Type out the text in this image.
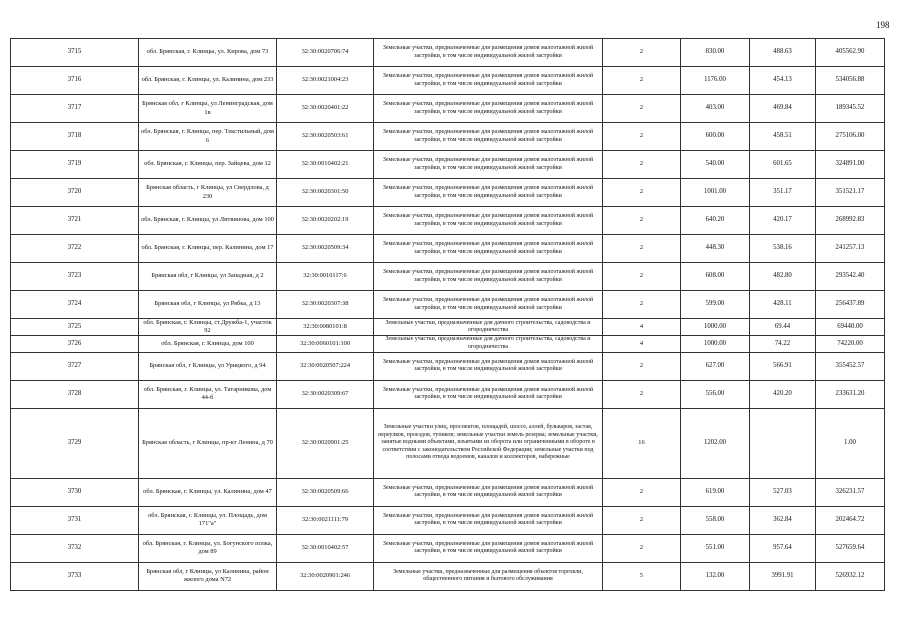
198
3715	обл. Брянская, г. Клинцы, ул. Кирова, дом 73	32:30:0020706:74	Земельные участки, предназначенные для размещения домов малоэтажной жилой застройки, в том числе индивидуальной жилой застройки	2	830.00	488.63	405562.90
3716	обл. Брянская, г. Клинцы, ул. Калинина, дом 233	32:30:0021004:23	Земельные участки, предназначенные для размещения домов малоэтажной жилой застройки, в том числе индивидуальной жилой застройки	2	1176.00	454.13	534056.88
3717	Брянская обл, г Клинцы, ул Ленинградская, дом 1в	32:30:0020401:22	Земельные участки, предназначенные для размещения домов малоэтажной жилой застройки, в том числе индивидуальной жилой застройки	2	403.00	469.84	189345.52
3718	обл. Брянская, г. Клинцы, пер. Текстильный, дом 6	32:30:0020503:61	Земельные участки, предназначенные для размещения домов малоэтажной жилой застройки, в том числе индивидуальной жилой застройки	2	600.00	458.51	275106.00
3719	обл. Брянская, г. Клинцы, пер. Зайцева, дом 12	32:30:0010402:21	Земельные участки, предназначенные для размещения домов малоэтажной жилой застройки, в том числе индивидуальной жилой застройки	2	540.00	601.65	324891.00
3720	Брянская область, г Клинцы, ул Свердлова, д 230	32:30:0020301:50	Земельные участки, предназначенные для размещения домов малоэтажной жилой застройки, в том числе индивидуальной жилой застройки	2	1001.00	351.17	351521.17
3721	обл. Брянская, г. Клинцы, ул Литвинова, дом 100	32:30:0020202:19	Земельные участки, предназначенные для размещения домов малоэтажной жилой застройки, в том числе индивидуальной жилой застройки	2	640.20	420.17	268992.83
3722	обл. Брянская, г. Клинцы, пер. Калинина, дом 17	32:30:0020509:34	Земельные участки, предназначенные для размещения домов малоэтажной жилой застройки, в том числе индивидуальной жилой застройки	2	448.30	538.16	241257.13
3723	Брянская обл, г Клинцы, ул Западная, д 2	32:30:0010117:6	Земельные участки, предназначенные для размещения домов малоэтажной жилой застройки, в том числе индивидуальной жилой застройки	2	608.00	482.80	293542.40
3724	Брянская обл, г Клинцы, ул Рябка, д 13	32:30:0020307:38	Земельные участки, предназначенные для размещения домов малоэтажной жилой застройки, в том числе индивидуальной жилой застройки	2	599.00	428.11	256437.89
3725	обл. Брянская, г. Клинцы, ст.Дружба-1, участок 92	32:30:0080101:8	Земельные участки, предназначенные для дачного строительства, садоводства и огородничества	4	1000.00	69.44	69440.00
3726	обл. Брянская, г. Клинцы, дом 100	32:30:0060101:100	Земельные участки, предназначенные для дачного строительства, садоводства и огородничества	4	1000.00	74.22	74220.00
3727	Брянская обл, г Клинцы, ул Урицкого, д 94	32:30:0020507:224	Земельные участки, предназначенные для размещения домов малоэтажной жилой застройки, в том числе индивидуальной жилой застройки	2	627.00	566.91	355452.57
3728	обл. Брянская, г. Клинцы, ул. Татарникова, дом 44-б	32:30:0020309:67	Земельные участки, предназначенные для размещения домов малоэтажной жилой застройки, в том числе индивидуальной жилой застройки	2	556.00	420.20	233631.20
3729	Брянская область, г Клинцы, пр-кт Ленина, д 70	32:30:0020901:25	Земельные участки улиц, проспектов, площадей, шоссе, аллей, бульваров, застав, переулков, проездов, тупиков; земельные участки земель резерва; земельные участки, занятые водными объектами, изъятыми из оборота или ограниченными в обороте в соответствии с законодательством Российской Федерации; земельные участки под полосами отвода водоемов, каналов и коллекторов, набережные	16	1202.00		1.00
3730	обл. Брянская, г. Клинцы, ул. Калинина, дом 47	32:30:0020509:66	Земельные участки, предназначенные для размещения домов малоэтажной жилой застройки, в том числе индивидуальной жилой застройки	2	619.00	527.03	326231.57
3731	обл. Брянская, г. Клинцы, ул. Площадь, дом 171"а"	32:30:0021111:79	Земельные участки, предназначенные для размещения домов малоэтажной жилой застройки, в том числе индивидуальной жилой застройки	2	558.00	362.84	202464.72
3732	обл. Брянская, г. Клинцы, ул. Богунского полка, дом 89	32:30:0010402:57	Земельные участки, предназначенные для размещения домов малоэтажной жилой застройки, в том числе индивидуальной жилой застройки	2	551.00	957.64	527659.64
3733	Брянская обл, г Клинцы, ул Калинина, район жилого дома N72	32:30:0020901:246	Земельные участки, предназначенные для размещения объектов торговли, общественного питания и бытового обслуживания	5	132.00	3991.91	526932.12
